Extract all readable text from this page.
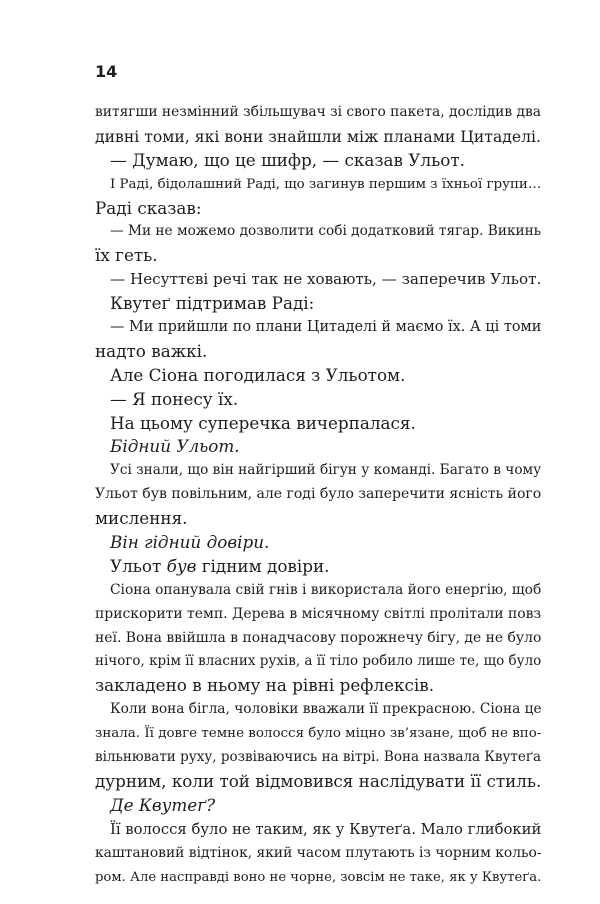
14
витягши незмінний збільшувач зі свого пакета, дослідив два
дивні томи, які вони знайшли між планами Цитаделі.
— Думаю, що це шифр, — сказав Ульот.
І Раді, бідолашний Раді, що загинув першим з їхньої групи…
Раді сказав:
— Ми не можемо дозволити собі додатковий тягар. Викинь
їх геть.
— Несуттєві речі так не ховають, — заперечив Ульот.
Квутеґ підтримав Раді:
— Ми прийшли по плани Цитаделі й маємо їх. А ці томи
надто важкі.
Але Сіона погодилася з Ульотом.
— Я понесу їх.
На цьому суперечка вичерпалася.
Бідний Ульот.
Усі знали, що він найгірший бігун у команді. Багато в чому
Ульот був повільним, але годі було заперечити ясність його
мислення.
Він гідний довіри.
Ульот був гідним довіри.
Сіона опанувала свій гнів і використала його енергію, щоб
прискорити темп. Дерева в місячному світлі пролітали повз
неї. Вона ввійшла в понадчасову порожнечу бігу, де не було
нічого, крім її власних рухів, а її тіло робило лише те, що було
закладено в ньому на рівні рефлексів.
Коли вона бігла, чоловіки вважали її прекрасною. Сіона це
знала. Її довге темне волосся було міцно зв’язане, щоб не впо-
вільнювати руху, розвіваючись на вітрі. Вона назвала Квутеґа
дурним, коли той відмовився наслідувати її стиль.
Де Квутеґ?
Її волосся було не таким, як у Квутеґа. Мало глибокий
каштановий відтінок, який часом плутають із чорним кольо-
ром. Але насправді воно не чорне, зовсім не таке, як у Квутеґа.
